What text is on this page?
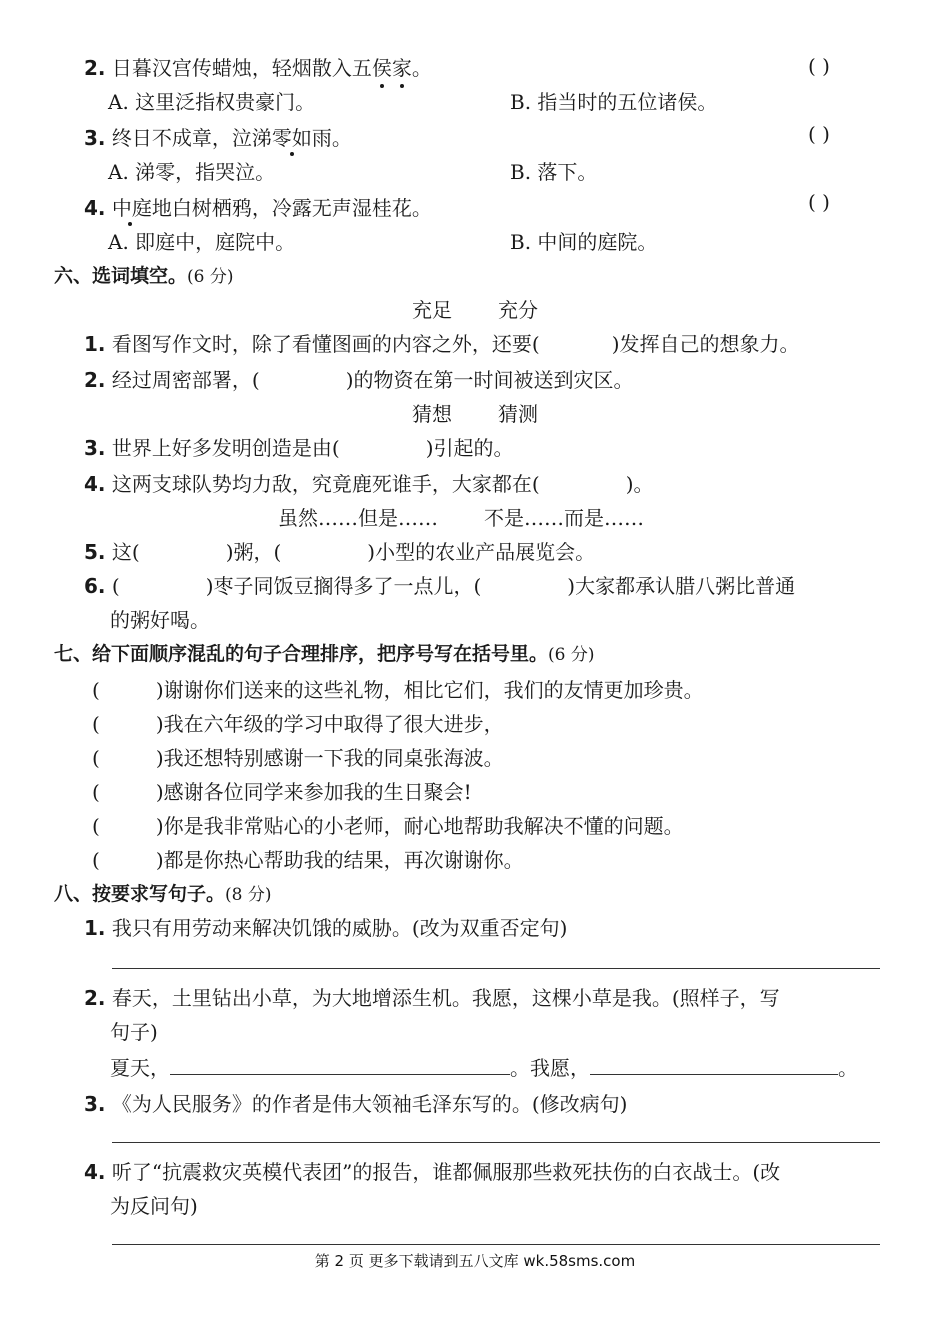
2. 日暮汉宫传蜡烛，轻烟散入五侯家。	( )
A. 这里泛指权贵豪门。	B. 指当时的五位诸侯。
3. 终日不成章，泣涕零如雨。	( )
A. 涕零，指哭泣。	B. 落下。
4. 中庭地白树栖鸦，冷露无声湿桂花。	( )
A. 即庭中，庭院中。	B. 中间的庭院。
六、选词填空。(6 分)
充足 充分
1. 看图写作文时，除了看懂图画的内容之外，还要(	)发挥自己的想象力。
2. 经过周密部署，(	)的物资在第一时间被送到灾区。
猜想 猜测
3. 世界上好多发明创造是由(	)引起的。
4. 这两支球队势均力敌，究竟鹿死谁手，大家都在(	)。
虽然……但是…… 不是……而是……
5. 这(	)粥，(	)小型的农业产品展览会。
6. (	)枣子同饭豆搁得多了一点儿，(	)大家都承认腊八粥比普通
的粥好喝。
七、给下面顺序混乱的句子合理排序，把序号写在括号里。(6 分)
(	)谢谢你们送来的这些礼物，相比它们，我们的友情更加珍贵。
(	)我在六年级的学习中取得了很大进步，
(	)我还想特别感谢一下我的同桌张海波。
(	)感谢各位同学来参加我的生日聚会!
(	)你是我非常贴心的小老师，耐心地帮助我解决不懂的问题。
(	)都是你热心帮助我的结果，再次谢谢你。
八、按要求写句子。(8 分)
1. 我只有用劳动来解决饥饿的威胁。(改为双重否定句)
2. 春天，土里钻出小草，为大地增添生机。我愿，这棵小草是我。(照样子，写
句子)
夏天，	。我愿，	。
3. 《为人民服务》的作者是伟大领袖毛泽东写的。(修改病句)
4. 听了“抗震救灾英模代表团”的报告，谁都佩服那些救死扶伤的白衣战士。(改
为反问句)
第 2 页 更多下载请到五八文库 wk.58sms.com
